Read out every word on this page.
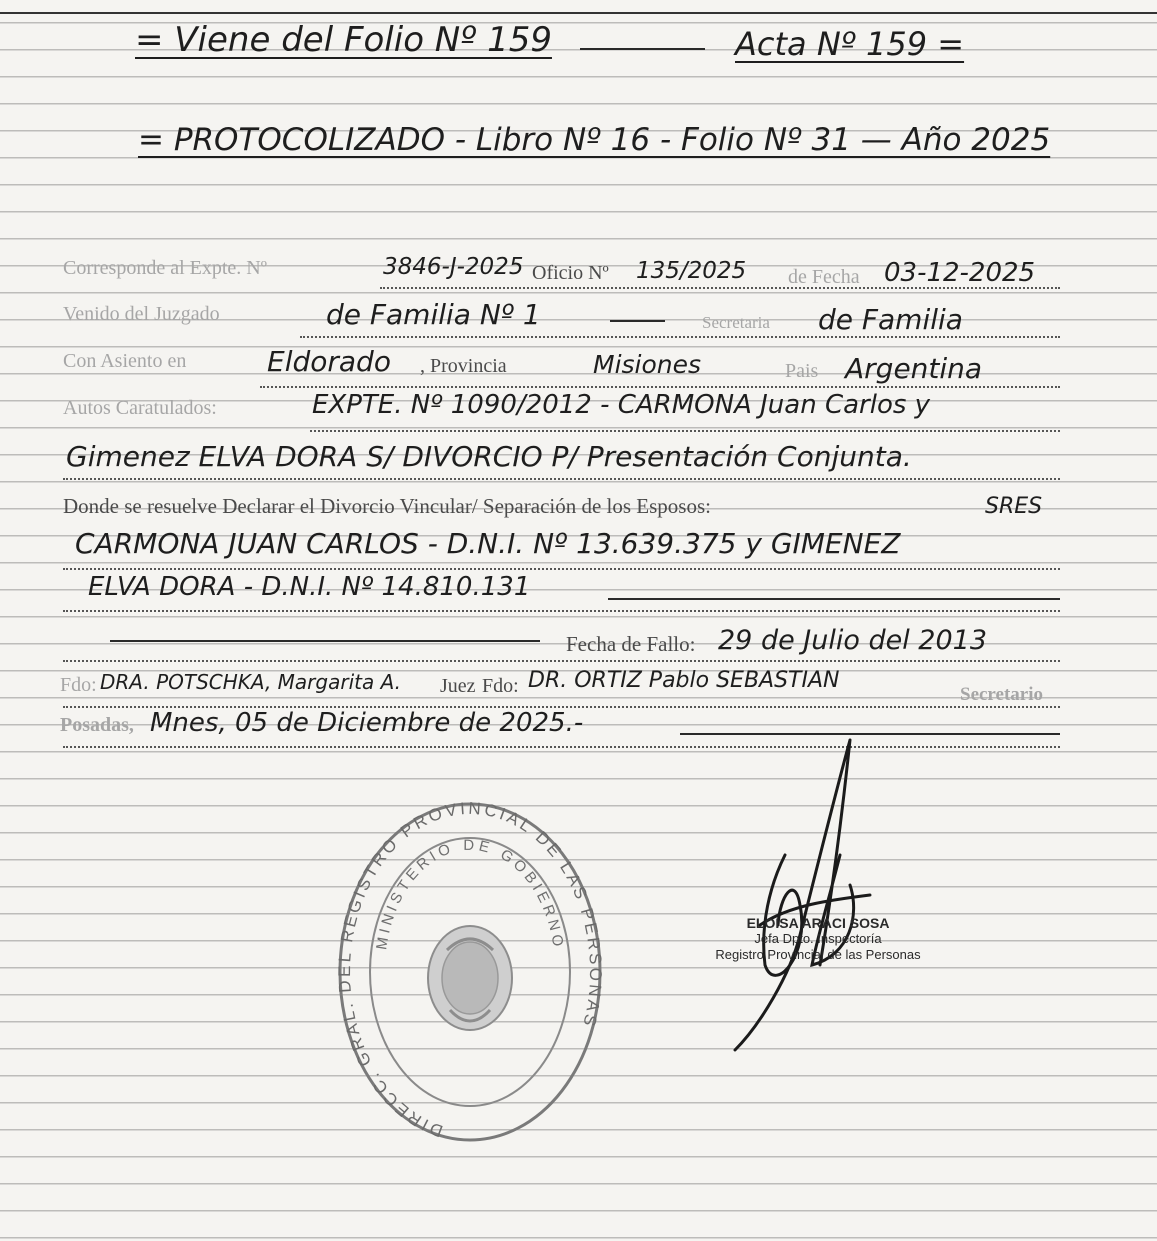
= Viene del Folio Nº 159	Acta Nº 159 =
= PROTOCOLIZADO - Libro Nº 16 - Folio Nº 31 — Año 2025
Corresponde al Expte. Nº	3846-J-2025 Oficio Nº 135/2025 de Fecha 03-12-2025
Venido del Juzgado	de Familia Nº 1	Secretaria de Familia
Con Asiento en	Eldorado , Provincia	Misiones	Pais Argentina
Autos Caratulados:	EXPTE. Nº 1090/2012 - CARMONA Juan Carlos y
Gimenez ELVA DORA S/ DIVORCIO P/ Presentación Conjunta.
Donde se resuelve Declarar el Divorcio Vincular/ Separación de los Esposos:	SRES
CARMONA JUAN CARLOS - D.N.I. Nº 13.639.375 y GIMENEZ
ELVA DORA - D.N.I. Nº 14.810.131
Fecha de Fallo: 29 de Julio del 2013
Fdo: DRA. POTSCHKA, Margarita A. Juez Fdo: DR. ORTIZ Pablo SEBASTIAN
Secretario
Posadas, Mnes, 05 de Diciembre de 2025.-
DIRECC. GRAL. DEL REGISTRO PROVINCIAL DE LAS PERSONAS
MINISTERIO DE GOBIERNO
ELOISA ARACI SOSA
Jefa Dpto. Inspectoría
Registro Provincial de las Personas
